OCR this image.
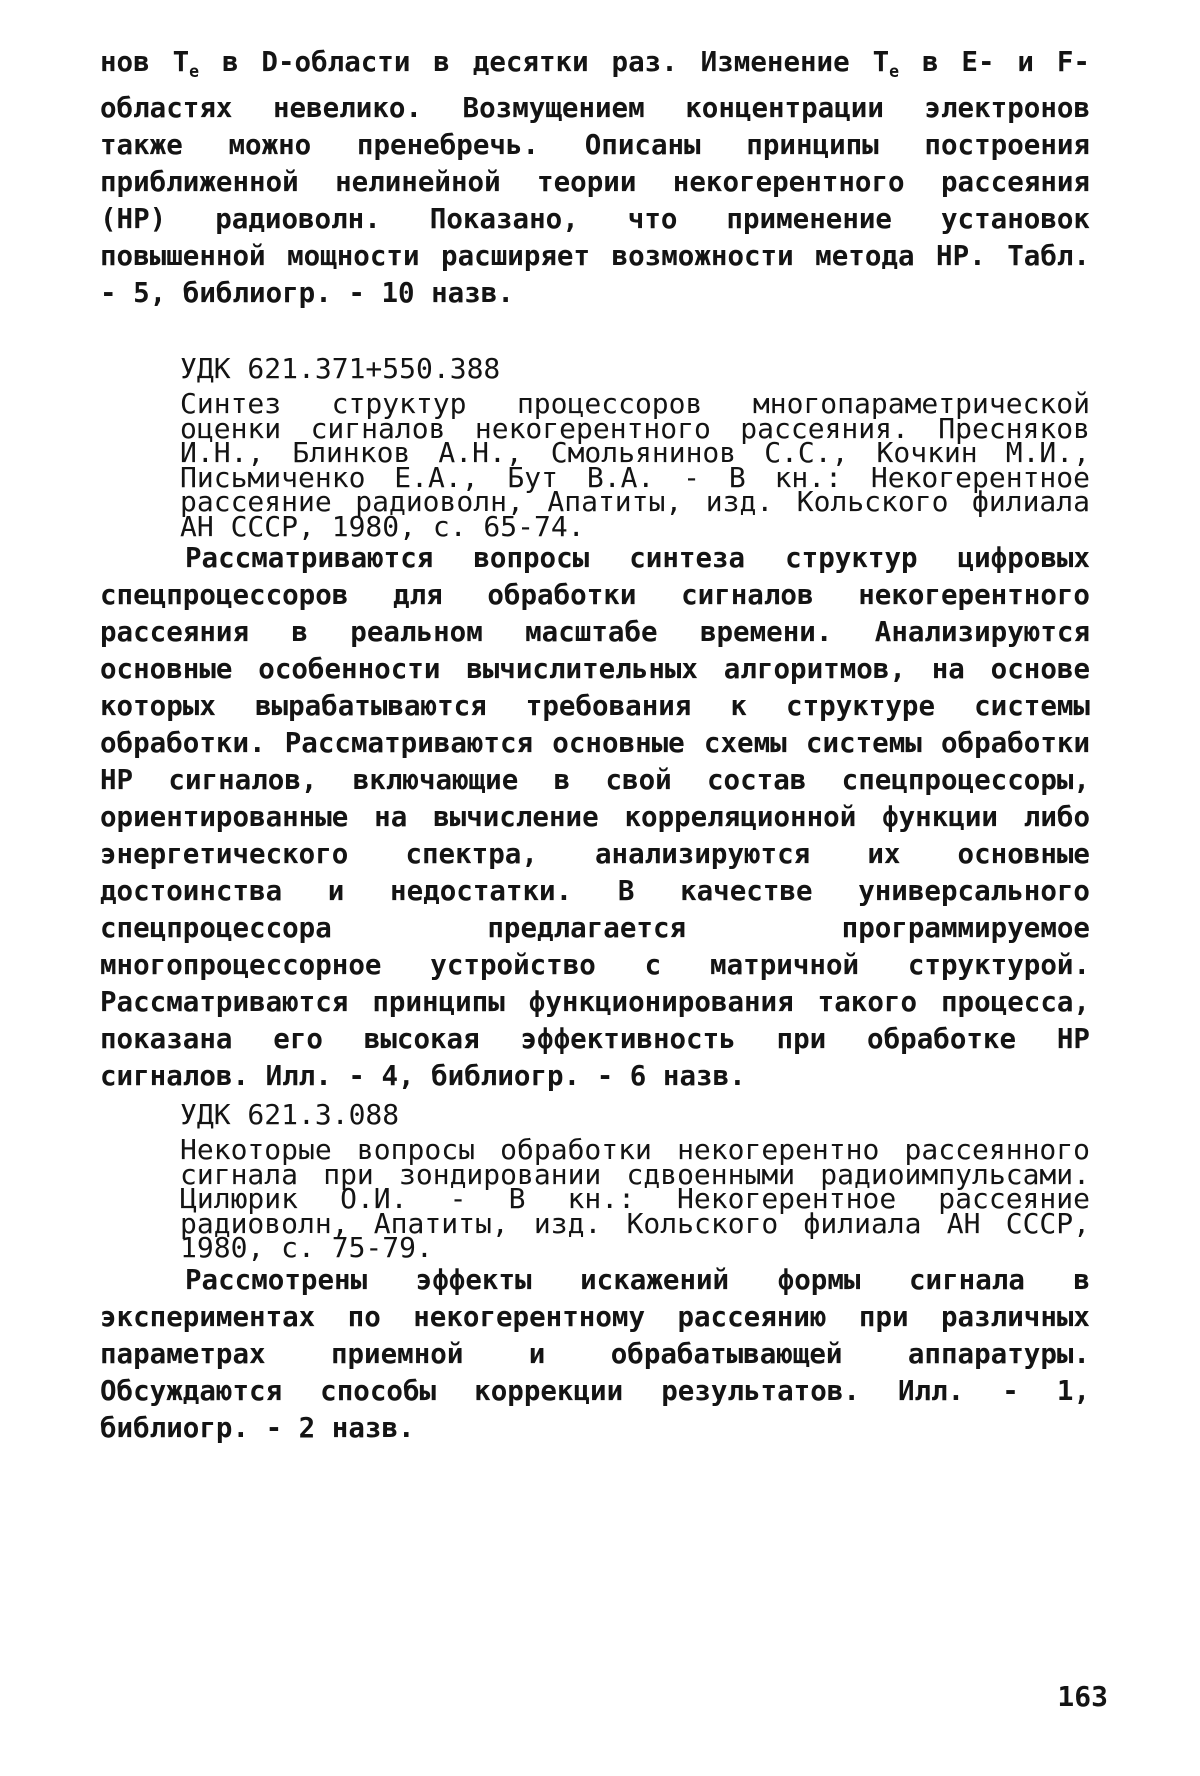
нов $T_e$ в D-области в десятки раз. Изменение $T_e$ в E- и F-областях невелико. Возмущением концентрации электронов также можно пренебречь. Описаны принципы построения приближенной нелинейной теории некогерентного рассеяния (НР) радиоволн. Показано, что применение установок повышенной мощности расширяет возможности метода НР. Табл. - 5, библиогр. - 10 назв.

УДК 621.371+550.388

Синтез структур процессоров многопараметрической оценки сигналов некогерентного рассеяния. Пресняков И.Н., Блинков А.Н., Смольянинов С.С., Кочкин М.И., Письмиченко Е.А., Бут В.А. - В кн.: Некогерентное рассеяние радиоволн, Апатиты, изд. Кольского филиала АН СССР, 1980, с. 65-74.

Рассматриваются вопросы синтеза структур цифровых спецпроцессоров для обработки сигналов некогерентного рассеяния в реальном масштабе времени. Анализируются основные особенности вычислительных алгоритмов, на основе которых вырабатываются требования к структуре системы обработки. Рассматриваются основные схемы системы обработки НР сигналов, включающие в свой состав спецпроцессоры, ориентированные на вычисление корреляционной функции либо энергетического спектра, анализируются их основные достоинства и недостатки. В качестве универсального спецпроцессора предлагается программируемое многопроцессорное устройство с матричной структурой. Рассматриваются принципы функционирования такого процесса, показана его высокая эффективность при обработке НР сигналов. Илл. - 4, библиогр. - 6 назв.

УДК 621.3.088

Некоторые вопросы обработки некогерентно рассеянного сигнала при зондировании сдвоенными радиоимпульсами. Цилюрик О.И. - В кн.: Некогерентное рассеяние радиоволн, Апатиты, изд. Кольского филиала АН СССР, 1980, с. 75-79.

Рассмотрены эффекты искажений формы сигнала в экспериментах по некогерентному рассеянию при различных параметрах приемной и обрабатывающей аппаратуры. Обсуждаются способы коррекции результатов. Илл. - 1, библиогр. - 2 назв.

163
